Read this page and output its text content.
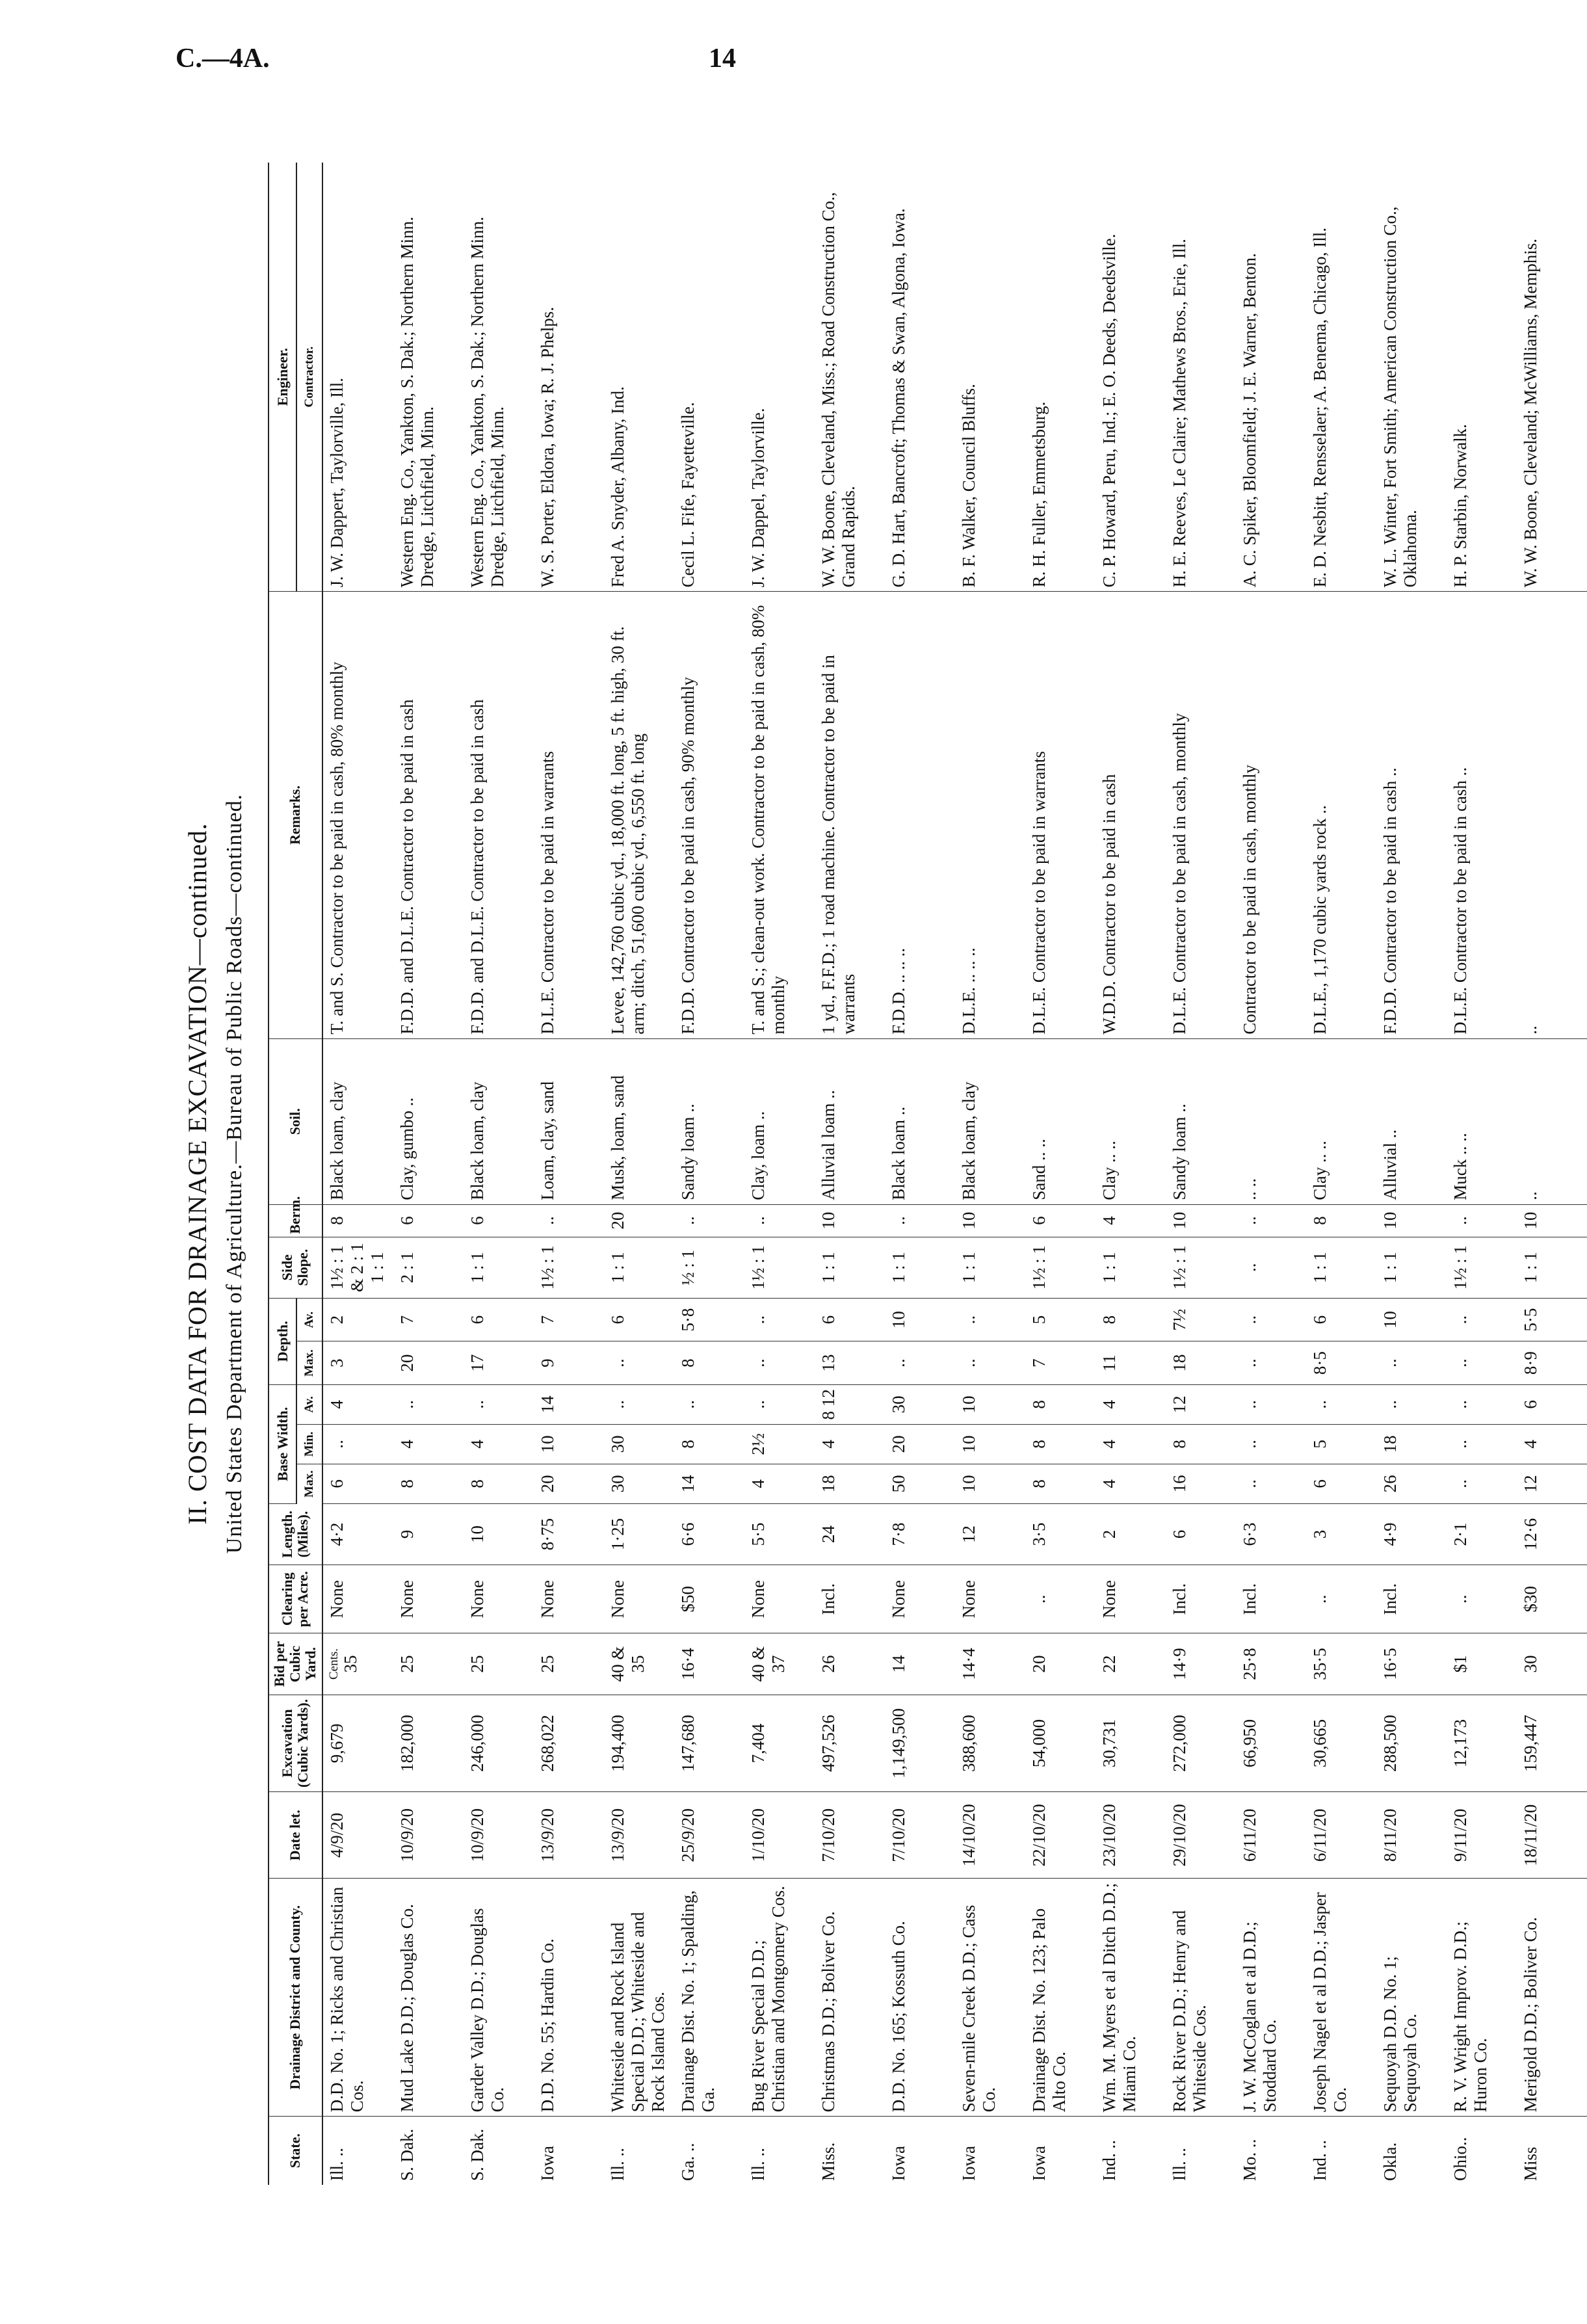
C.—4A.	14
II. COST DATA FOR DRAINAGE EXCAVATION—continued. United States Department of Agriculture.—Bureau of Public Roads—continued.
State.	Drainage District and County.	Date let.	Excavation (Cubic Yards).	Bid per Cubic Yard.	Clearing per Acre.	Length. (Miles).	Base Width.			Depth.		Side Slope.	Berm.	Soil.	Remarks.	Engineer.
							Max.	Min.	Av.	Max.	Av.					Contractor.
Ill. ..	D.D. No. 1; Ricks and Christian Cos.	4/9/20	9,679	Cents. 35	None	4·2	6	..	4	3	2	1½ : 1 & 2 : 1 1 : 1	8	Black loam, clay	T. and S. Contractor to be paid in cash, 80% monthly	J. W. Dappert, Taylorville, Ill.
S. Dak.	Mud Lake D.D.; Douglas Co.	10/9/20	182,000	25	None	9	8	4	..	20	7	2 : 1	6	Clay, gumbo ..	F.D.D. and D.L.E. Contractor to be paid in cash	Western Eng. Co., Yankton, S. Dak.; Northern Minn. Dredge, Litchfield, Minn.
S. Dak.	Garder Valley D.D.; Douglas Co.	10/9/20	246,000	25	None	10	8	4	..	17	6	1 : 1	6	Black loam, clay	F.D.D. and D.L.E. Contractor to be paid in cash	Western Eng. Co., Yankton, S. Dak.; Northern Minn. Dredge, Litchfield, Minn.
Iowa	D.D. No. 55; Hardin Co.	13/9/20	268,022	25	None	8·75	20	10	14	9	7	1½ : 1	..	Loam, clay, sand	D.L.E. Contractor to be paid in warrants	W. S. Porter, Eldora, Iowa; R. J. Phelps.
Ill. ..	Whiteside and Rock Island Special D.D.; Whiteside and Rock Island Cos.	13/9/20	194,400	40 & 35	None	1·25	30	30	..	..	6	1 : 1	20	Musk, loam, sand	Levee, 142,760 cubic yd., 18,000 ft. long, 5 ft. high, 30 ft. arm; ditch, 51,600 cubic yd., 6,550 ft. long	Fred A. Snyder, Albany, Ind.
Ga. ..	Drainage Dist. No. 1; Spalding, Ga.	25/9/20	147,680	16·4	$50	6·6	14	8	..	8	5·8	½ : 1	..	Sandy loam ..	F.D.D. Contractor to be paid in cash, 90% monthly	Cecil L. Fife, Fayetteville.
Ill. ..	Bug River Special D.D.; Christian and Montgomery Cos.	1/10/20	7,404	40 & 37	None	5·5	4	2½	..	..	..	1½ : 1	..	Clay, loam ..	T. and S.; clean-out work. Contractor to be paid in cash, 80% monthly	J. W. Dappel, Taylorville.
Miss.	Christmas D.D.; Boliver Co.	7/10/20	497,526	26	Incl.	24	18	4	8 12	13	6	1 : 1	10	Alluvial loam ..	1 yd., F.F.D.; 1 road machine. Contractor to be paid in warrants	W. W. Boone, Cleveland, Miss.; Road Construction Co., Grand Rapids.
Iowa	D.D. No. 165; Kossuth Co.	7/10/20	1,149,500	14	None	7·8	50	20	30	..	10	1 : 1	..	Black loam ..	F.D.D. .. .. ..	G. D. Hart, Bancroft; Thomas & Swan, Algona, Iowa.
Iowa	Seven-mile Creek D.D.; Cass Co.	14/10/20	388,600	14·4	None	12	10	10	10	..	..	1 : 1	10	Black loam, clay	D.L.E. .. .. ..	B. F. Walker, Council Bluffs.
Iowa	Drainage Dist. No. 123; Palo Alto Co.	22/10/20	54,000	20	..	3·5	8	8	8	7	5	1½ : 1	6	Sand .. ..	D.L.E. Contractor to be paid in warrants	R. H. Fuller, Emmetsburg.
Ind. ..	Wm. M. Myers et al Ditch D.D.; Miami Co.	23/10/20	30,731	22	None	2	4	4	4	11	8	1 : 1	4	Clay .. ..	W.D.D. Contractor to be paid in cash	C. P. Howard, Peru, Ind.; E. O. Deeds, Deedsville.
Ill. ..	Rock River D.D.; Henry and Whiteside Cos.	29/10/20	272,000	14·9	Incl.	6	16	8	12	18	7½	1½ : 1	10	Sandy loam ..	D.L.E. Contractor to be paid in cash, monthly	H. E. Reeves, Le Claire; Mathews Bros., Erie, Ill.
Mo. ..	J. W. McCoglan et al D.D.; Stoddard Co.	6/11/20	66,950	25·8	Incl.	6·3	..	..	..	..	..	..	..	.. ..	Contractor to be paid in cash, monthly	A. C. Spiker, Bloomfield; J. E. Warner, Benton.
Ind. ..	Joseph Nagel et al D.D.; Jasper Co.	6/11/20	30,665	35·5	..	3	6	5	..	8·5	6	1 : 1	8	Clay .. ..	D.L.E., 1,170 cubic yards rock ..	E. D. Nesbitt, Rensselaer; A. Benema, Chicago, Ill.
Okla.	Sequoyah D.D. No. 1; Sequoyah Co.	8/11/20	288,500	16·5	Incl.	4·9	26	18	..	..	10	1 : 1	10	Alluvial ..	F.D.D. Contractor to be paid in cash ..	W. L. Winter, Fort Smith; American Construction Co., Oklahoma.
Ohio..	R. V. Wright Improv. D.D.; Huron Co.	9/11/20	12,173	$1	..	2·1	..	..	..	..	..	1½ : 1	..	Muck .. ..	D.L.E. Contractor to be paid in cash ..	H. P. Starbin, Norwalk.
Miss	Merigold D.D.; Boliver Co.	18/11/20	159,447	30	$30	12·6	12	4	6	8·9	5·5	1 : 1	10	..	..	W. W. Boone, Cleveland; McWilliams, Memphis.
